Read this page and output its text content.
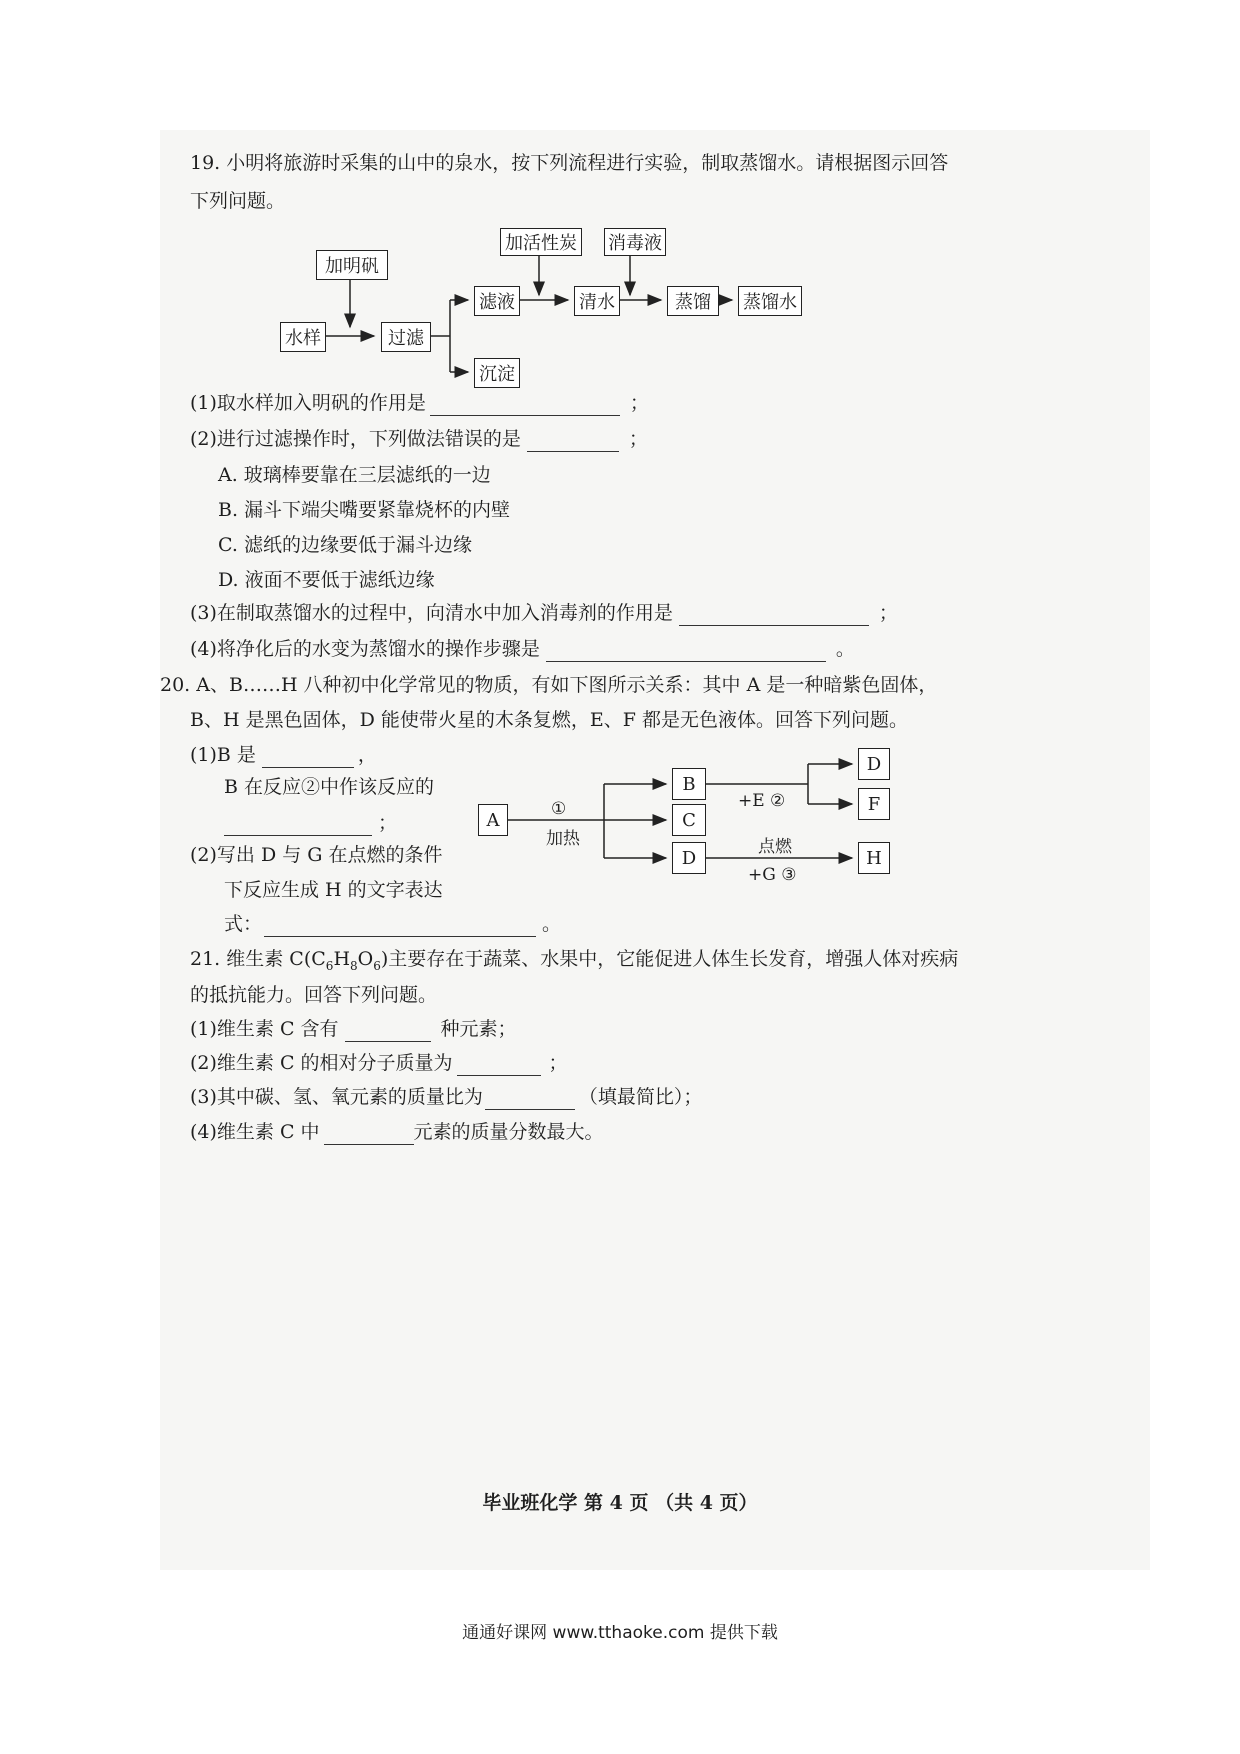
19. 小明将旅游时采集的山中的泉水，按下列流程进行实验，制取蒸馏水。请根据图示回答
下列问题。
加明矾
水样	过滤
滤液
沉淀
加活性炭 消毒液
清水	蒸馏	蒸馏水
(1)取水样加入明矾的作用是	；
(2)进行过滤操作时，下列做法错误的是	；
A. 玻璃棒要靠在三层滤纸的一边
B. 漏斗下端尖嘴要紧靠烧杯的内壁
C. 滤纸的边缘要低于漏斗边缘
D. 液面不要低于滤纸边缘
(3)在制取蒸馏水的过程中，向清水中加入消毒剂的作用是	；
(4)将净化后的水变为蒸馏水的操作步骤是	。
20. A、B……H 八种初中化学常见的物质，有如下图所示关系：其中 A 是一种暗紫色固体，
B、H 是黑色固体，D 能使带火星的木条复燃，E、F 都是无色液体。回答下列问题。
(1)B 是	，
B 在反应②中作该反应的
；
(2)写出 D 与 G 在点燃的条件
下反应生成 H 的文字表达
式：	。
A
B
C
D
D
F
H
①
加热
+E ②
点燃
+G ③
21. 维生素 $C(C_6H_8O_6)$主要存在于蔬菜、水果中，它能促进人体生长发育，增强人体对疾病
的抵抗能力。回答下列问题。
(1)维生素 C 含有	种元素；
(2)维生素 C 的相对分子质量为	；
(3)其中碳、氢、氧元素的质量比为	（填最简比）；
(4)维生素 C 中	元素的质量分数最大。
毕业班化学 第 4 页 （共 4 页）
通通好课网 www.tthaoke.com 提供下载
